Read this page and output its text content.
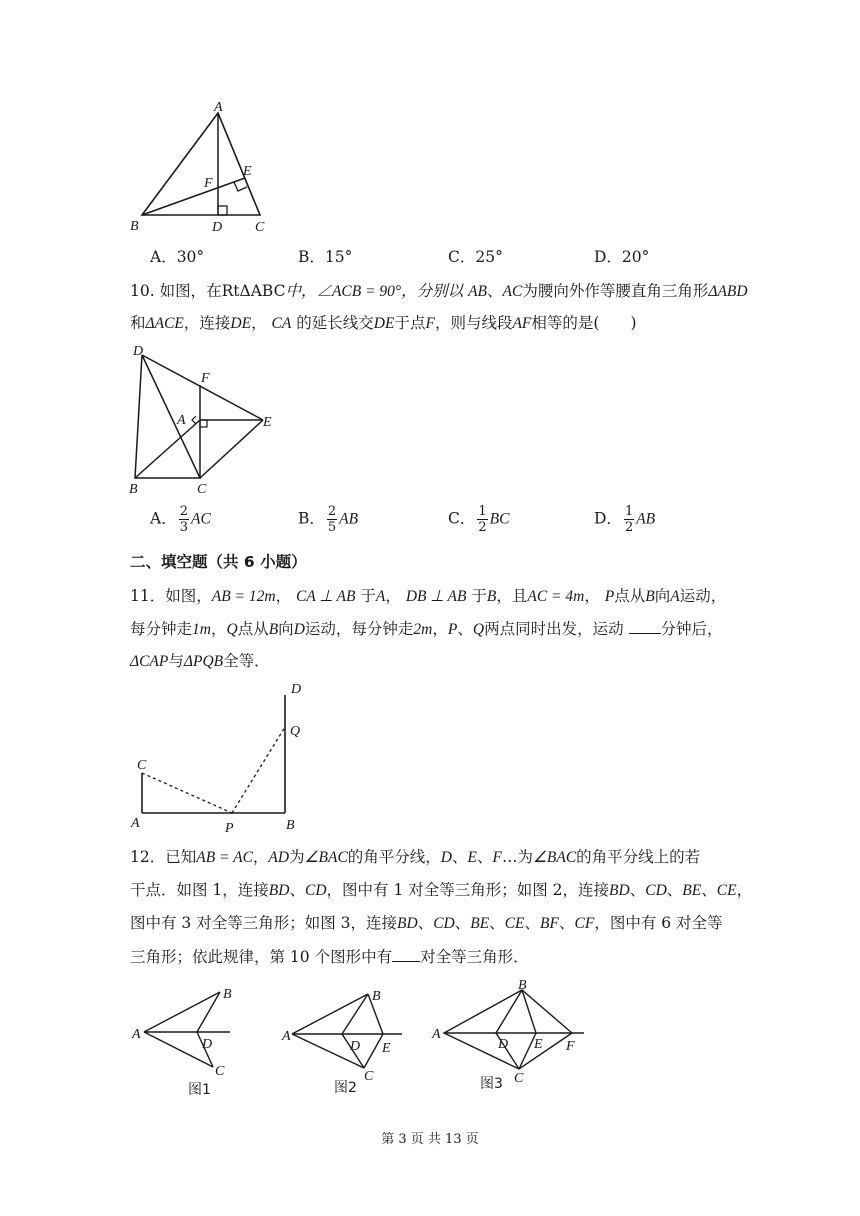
A
B	D C
E
F
A．30°	B．15°	C．25°	D．20°
10. 如图，在RtΔABC中，∠ACB = 90°，分别以 AB、AC为腰向外作等腰直角三角形ΔABD
和ΔACE，连接DE， CA 的延长线交DE于点F，则与线段AF相等的是(　　)
D
F
A	E
B	C
A． $\frac{2}{3}$ AC	B． $\frac{2}{5}$ AB	C． $\frac{1}{2}$ BC	D． $\frac{1}{2}$ AB
二、填空题（共 6 小题）
11．如图，AB = 12m， CA ⊥ AB 于A， DB ⊥ AB 于B，且AC = 4m， P点从B向A运动，
每分钟走1m，Q点从B向D运动，每分钟走2m，P、Q两点同时出发，运动 分钟后，
ΔCAP与ΔPQB全等．
D
Q
C
A	P	B
12．已知AB = AC，AD为∠BAC的角平分线，D、E、F…为∠BAC的角平分线上的若
干点．如图 1，连接BD、CD，图中有 1 对全等三角形；如图 2，连接BD、CD、BE、CE，
图中有 3 对全等三角形；如图 3，连接BD、CD、BE、CE、BF、CF，图中有 6 对全等
三角形；依此规律，第 10 个图形中有 对全等三角形．
A
B
D
C
图1
A
B
D E
C
图2
A
B
D E F
C
图3
第 3 页 共 13 页
